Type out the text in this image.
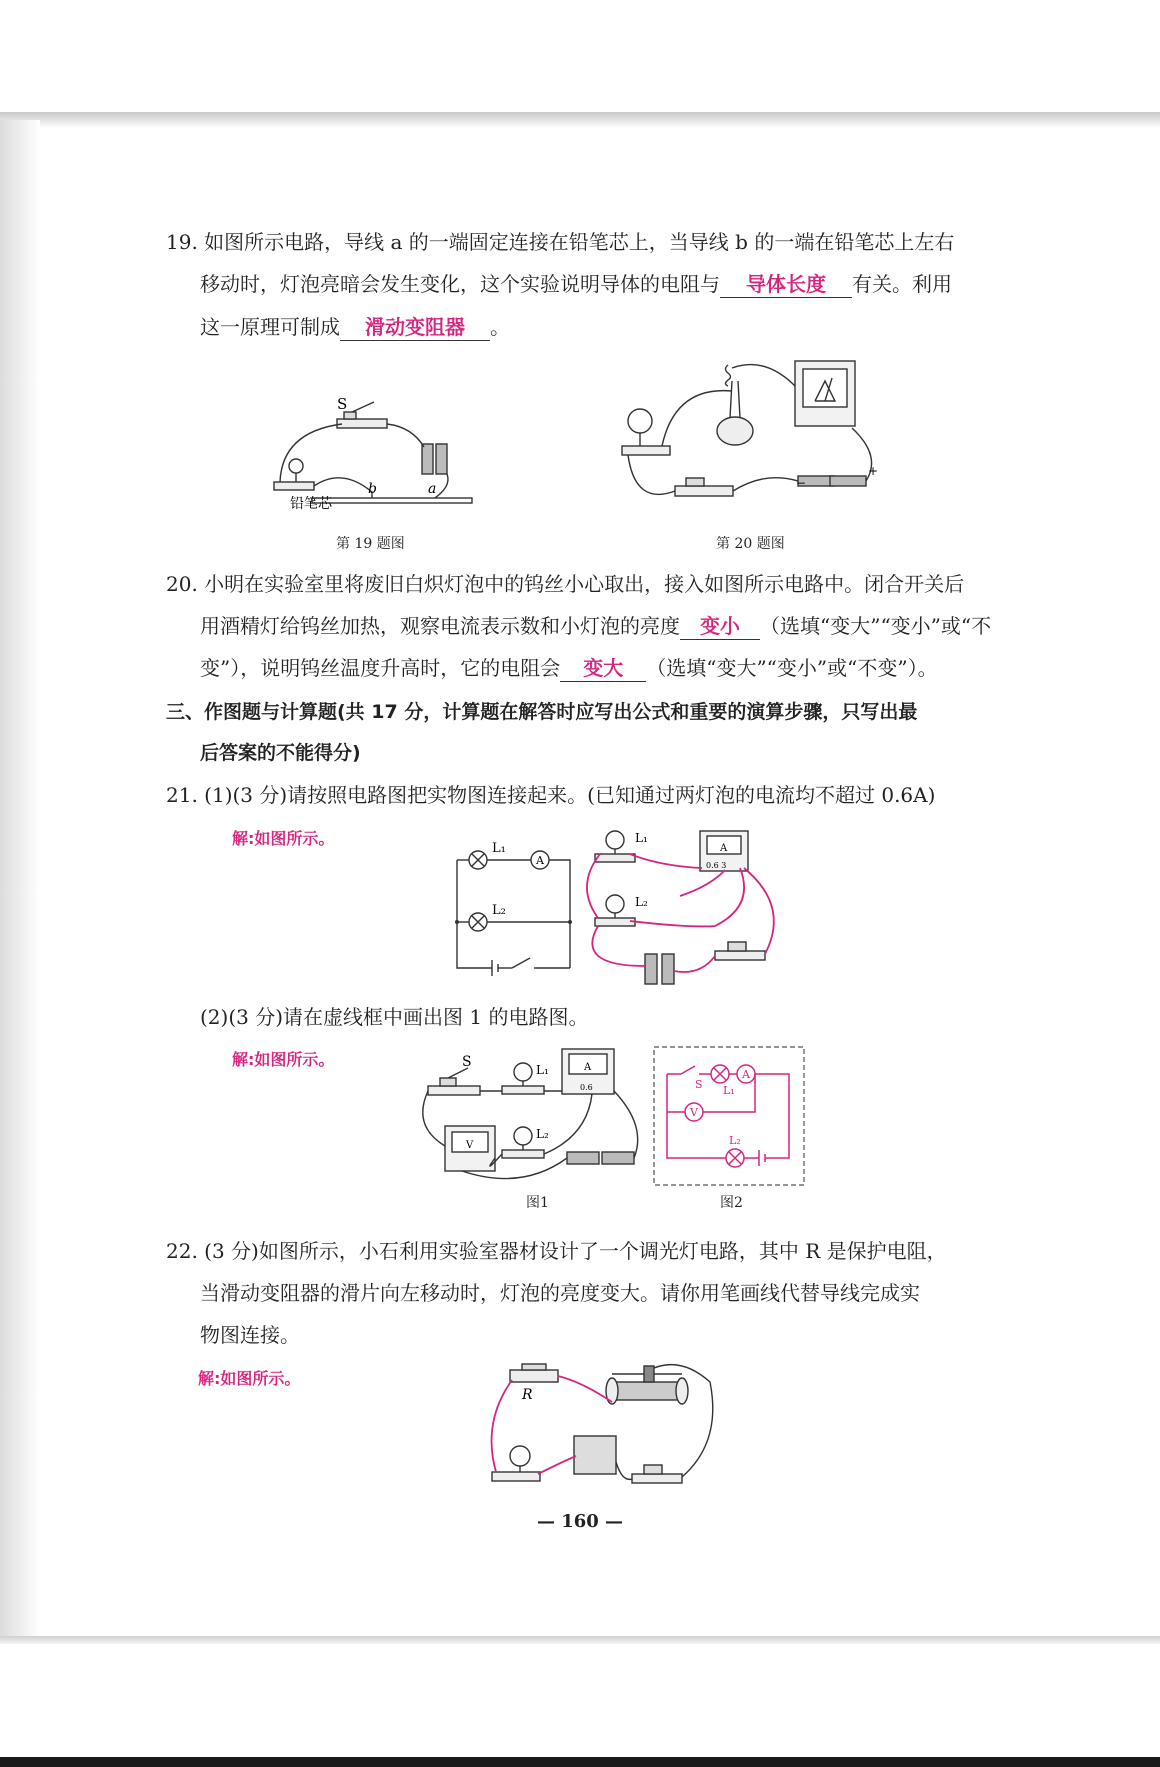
19. 如图所示电路，导线 a 的一端固定连接在铅笔芯上，当导线 b 的一端在铅笔芯上左右
移动时，灯泡亮暗会发生变化，这个实验说明导体的电阻与 导体长度 有关。利用
这一原理可制成 滑动变阻器 。
S
b	a
铅笔芯
第 19 题图
−
+
第 20 题图
20. 小明在实验室里将废旧白炽灯泡中的钨丝小心取出，接入如图所示电路中。闭合开关后
用酒精灯给钨丝加热，观察电流表示数和小灯泡的亮度 变小 （选填“变大”“变小”或“不
变”），说明钨丝温度升高时，它的电阻会 变大 （选填“变大”“变小”或“不变”）。
三、作图题与计算题(共 17 分，计算题在解答时应写出公式和重要的演算步骤，只写出最
后答案的不能得分)
21. (1)(3 分)请按照电路图把实物图连接起来。(已知通过两灯泡的电流均不超过 0.6A)
解:如图所示。
A
L₁
L₂
L₁
L₂
A
0.6 3
(2)(3 分)请在虚线框中画出图 1 的电路图。
解:如图所示。	S	L₁
L₂
A
0.6
V
图1
A
V
S L₁
L₂
图2
22. (3 分)如图所示，小石利用实验室器材设计了一个调光灯电路，其中 R 是保护电阻，
当滑动变阻器的滑片向左移动时，灯泡的亮度变大。请你用笔画线代替导线完成实
物图连接。
解:如图所示。
R
— 160 —
